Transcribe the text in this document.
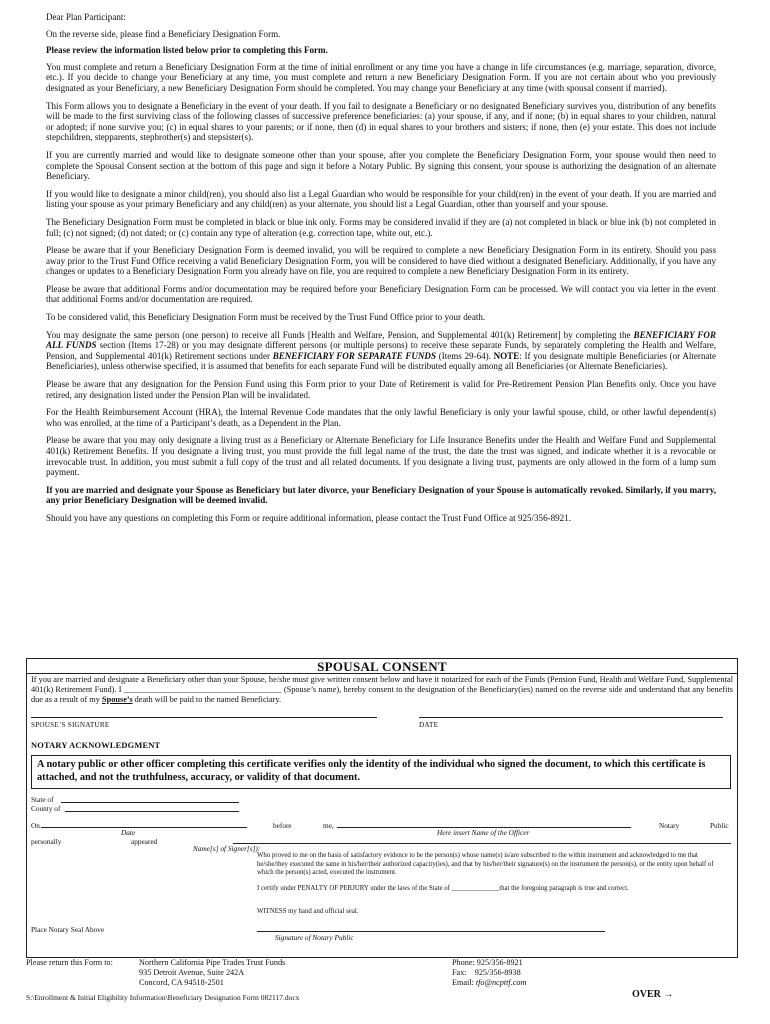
Dear Plan Participant:

On the reverse side, please find a Beneficiary Designation Form.

Please review the information listed below prior to completing this Form.

You must complete and return a Beneficiary Designation Form at the time of initial enrollment or any time you have a change in life circumstances (e.g. marriage, separation, divorce, etc.). If you decide to change your Beneficiary at any time, you must complete and return a new Beneficiary Designation Form. If you are not certain about who you previously designated as your Beneficiary, a new Beneficiary Designation Form should be completed. You may change your Beneficiary at any time (with spousal consent if married).

This Form allows you to designate a Beneficiary in the event of your death. If you fail to designate a Beneficiary or no designated Beneficiary survives you, distribution of any benefits will be made to the first surviving class of the following classes of successive preference beneficiaries: (a) your spouse, if any, and if none; (b) in equal shares to your children, natural or adopted; if none survive you; (c) in equal shares to your parents; or if none, then (d) in equal shares to your brothers and sisters; if none, then (e) your estate. This does not include stepchildren, stepparents, stepbrother(s) and stepsister(s).

If you are currently married and would like to designate someone other than your spouse, after you complete the Beneficiary Designation Form, your spouse would then need to complete the Spousal Consent section at the bottom of this page and sign it before a Notary Public. By signing this consent, your spouse is authorizing the designation of an alternate Beneficiary.

If you would like to designate a minor child(ren), you should also list a Legal Guardian who would be responsible for your child(ren) in the event of your death. If you are married and listing your spouse as your primary Beneficiary and any child(ren) as your alternate, you should list a Legal Guardian, other than yourself and your spouse.

The Beneficiary Designation Form must be completed in black or blue ink only. Forms may be considered invalid if they are (a) not completed in black or blue ink (b) not completed in full; (c) not signed; (d) not dated; or (c) contain any type of alteration (e.g. correction tape, white out, etc.).

Please be aware that if your Beneficiary Designation Form is deemed invalid, you will be required to complete a new Beneficiary Designation Form in its entirety. Should you pass away prior to the Trust Fund Office receiving a valid Beneficiary Designation Form, you will be considered to have died without a designated Beneficiary. Additionally, if you have any changes or updates to a Beneficiary Designation Form you already have on file, you are required to complete a new Beneficiary Designation Form in its entirety.

Please be aware that additional Forms and/or documentation may be required before your Beneficiary Designation Form can be processed. We will contact you via letter in the event that additional Forms and/or documentation are required.

To be considered valid, this Beneficiary Designation Form must be received by the Trust Fund Office prior to your death.

You may designate the same person (one person) to receive all Funds [Health and Welfare, Pension, and Supplemental 401(k) Retirement] by completing the BENEFICIARY FOR ALL FUNDS section (Items 17-28) or you may designate different persons (or multiple persons) to receive these separate Funds, by separately completing the Health and Welfare, Pension, and Supplemental 401(k) Retirement sections under BENEFICIARY FOR SEPARATE FUNDS (Items 29-64). NOTE: If you designate multiple Beneficiaries (or Alternate Beneficiaries), unless otherwise specified, it is assumed that benefits for each separate Fund will be distributed equally among all Beneficiaries (or Alternate Beneficiaries).

Please be aware that any designation for the Pension Fund using this Form prior to your Date of Retirement is valid for Pre-Retirement Pension Plan Benefits only. Once you have retired, any designation listed under the Pension Plan will be invalidated.

For the Health Reimbursement Account (HRA), the Internal Revenue Code mandates that the only lawful Beneficiary is only your lawful spouse, child, or other lawful dependent(s) who was enrolled, at the time of a Participant’s death, as a Dependent in the Plan.

Please be aware that you may only designate a living trust as a Beneficiary or Alternate Beneficiary for Life Insurance Benefits under the Health and Welfare Fund and Supplemental 401(k) Retirement Benefits. If you designate a living trust, you must provide the full legal name of the trust, the date the trust was signed, and indicate whether it is a revocable or irrevocable trust. In addition, you must submit a full copy of the trust and all related documents. If you designate a living trust, payments are only allowed in the form of a lump sum payment.

If you are married and designate your Spouse as Beneficiary but later divorce, your Beneficiary Designation of your Spouse is automatically revoked. Similarly, if you marry, any prior Beneficiary Designation will be deemed invalid.

Should you have any questions on completing this Form or require additional information, please contact the Trust Fund Office at 925/356-8921.

SPOUSAL CONSENT
If you are married and designate a Beneficiary other than your Spouse, he/she must give written consent below and have it notarized for each of the Funds (Pension Fund, Health and Welfare Fund, Supplemental 401(k) Retirement Fund). I ______________________________________ (Spouse’s name), hereby consent to the designation of the Beneficiary(ies) named on the reverse side and understand that any benefits due as a result of my Spouse’s death will be paid to the named Beneficiary.
SPOUSE’S SIGNATURE	DATE
NOTARY ACKNOWLEDGMENT
A notary public or other officer completing this certificate verifies only the identity of the individual who signed the document, to which this certificate is attached, and not the truthfulness, accuracy, or validity of that document.
State of
County of
On	before	me,	Notary	Public
Date	Here insert Name of the Officer
personally	appeared
Name[s] of Signer[s]):
Who proved to me on the basis of satisfactory evidence to be the person(s) whose name(s) is/are subscribed to the within instrument and acknowledged to me that he/she/they executed the same in his/her/their authorized capacity(ies), and that by his/her/their signature(s) on the instrument the person(s), or the entity upon behalf of which the person(s) acted, executed the instrument.
I certify under PENALTY OF PERJURY under the laws of the State of ______________that the foregoing paragraph is true and correct.
WITNESS my hand and official seal.
Place Notary Seal Above
Signature of Notary Public
Please return this Form to:	Northern California Pipe Trades Trust Funds
935 Detroit Avenue, Suite 242A
Concord, CA 94518-2501
Phone: 925/356-8921
Fax:    925/356-8938
Email: tfo@ncpttf.com
S:\Enrollment & Initial Eligibility Information\Beneficiary Designation Form 082117.docx	OVER →
